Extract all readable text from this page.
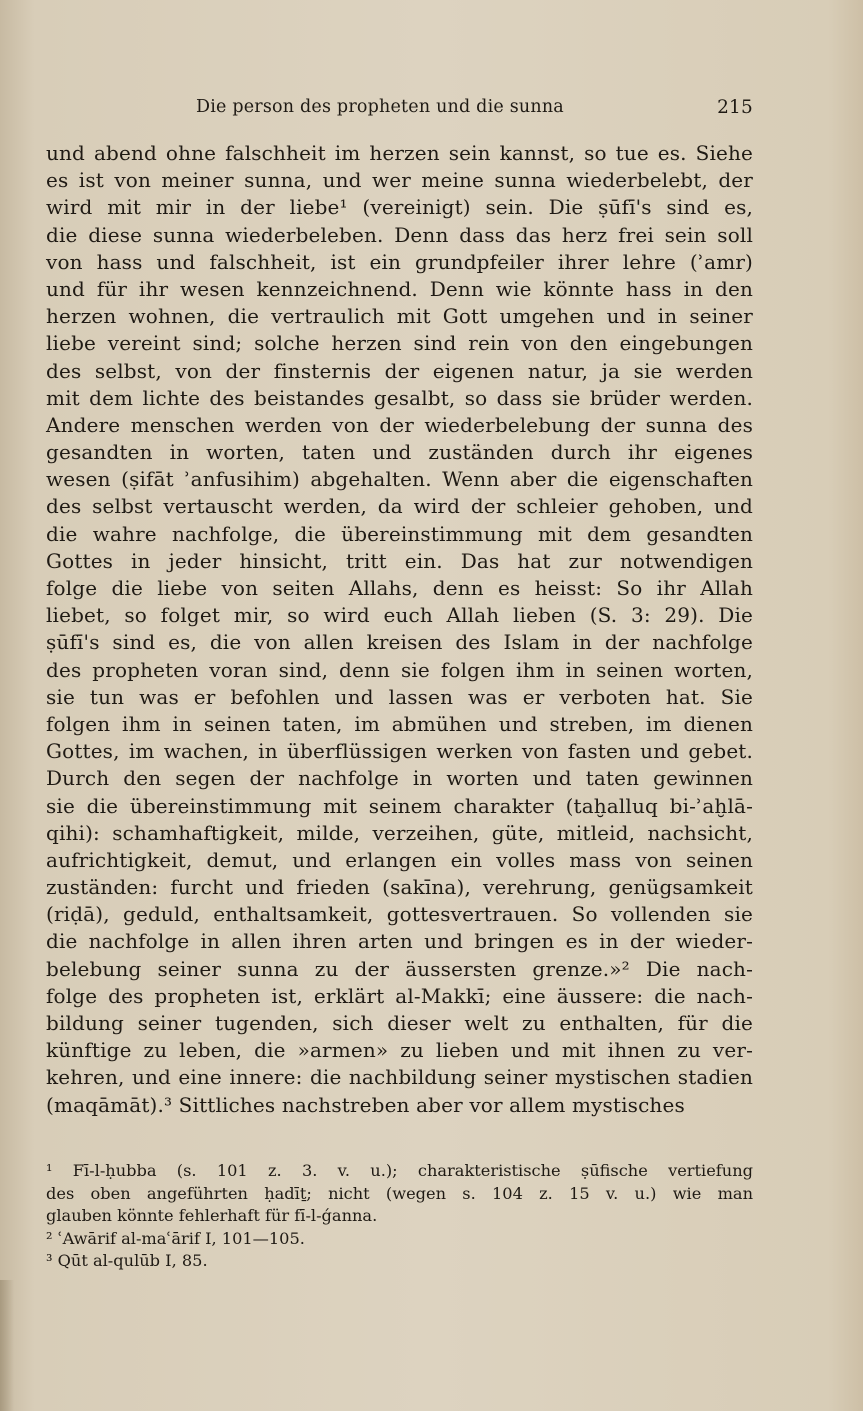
Die person des propheten und die sunna	215
und abend ohne falschheit im herzen sein kannst, so tue es. Siehe
es ist von meiner sunna, und wer meine sunna wiederbelebt, der
wird mit mir in der liebe¹ (vereinigt) sein. Die ṣūfī's sind es,
die diese sunna wiederbeleben. Denn dass das herz frei sein soll
von hass und falschheit, ist ein grundpfeiler ihrer lehre (ʾamr)
und für ihr wesen kennzeichnend. Denn wie könnte hass in den
herzen wohnen, die vertraulich mit Gott umgehen und in seiner
liebe vereint sind; solche herzen sind rein von den eingebungen
des selbst, von der finsternis der eigenen natur, ja sie werden
mit dem lichte des beistandes gesalbt, so dass sie brüder werden.
Andere menschen werden von der wiederbelebung der sunna des
gesandten in worten, taten und zuständen durch ihr eigenes
wesen (ṣifāt ʾanfusihim) abgehalten. Wenn aber die eigenschaften
des selbst vertauscht werden, da wird der schleier gehoben, und
die wahre nachfolge, die übereinstimmung mit dem gesandten
Gottes in jeder hinsicht, tritt ein. Das hat zur notwendigen
folge die liebe von seiten Allahs, denn es heisst: So ihr Allah
liebet, so folget mir, so wird euch Allah lieben (S. 3: 29). Die
ṣūfī's sind es, die von allen kreisen des Islam in der nachfolge
des propheten voran sind, denn sie folgen ihm in seinen worten,
sie tun was er befohlen und lassen was er verboten hat. Sie
folgen ihm in seinen taten, im abmühen und streben, im dienen
Gottes, im wachen, in überflüssigen werken von fasten und gebet.
Durch den segen der nachfolge in worten und taten gewinnen
sie die übereinstimmung mit seinem charakter (taḫalluq bi-ʾaḫlā-
qihi): schamhaftigkeit, milde, verzeihen, güte, mitleid, nachsicht,
aufrichtigkeit, demut, und erlangen ein volles mass von seinen
zuständen: furcht und frieden (sakīna), verehrung, genügsamkeit
(riḍā), geduld, enthaltsamkeit, gottesvertrauen. So vollenden sie
die nachfolge in allen ihren arten und bringen es in der wieder-
belebung seiner sunna zu der äussersten grenze.»² Die nach-
folge des propheten ist, erklärt al-Makkī; eine äussere: die nach-
bildung seiner tugenden, sich dieser welt zu enthalten, für die
künftige zu leben, die »armen» zu lieben und mit ihnen zu ver-
kehren, und eine innere: die nachbildung seiner mystischen stadien
(maqāmāt).³ Sittliches nachstreben aber vor allem mystisches
¹ Fī-l-ḥubba (s. 101 z. 3. v. u.); charakteristische ṣūfische vertiefung
des oben angeführten ḥadīṯ; nicht (wegen s. 104 z. 15 v. u.) wie man
glauben könnte fehlerhaft für fī-l-ǵanna.
² ʿAwārif al-maʿārif I, 101—105.
³ Qūt al-qulūb I, 85.
